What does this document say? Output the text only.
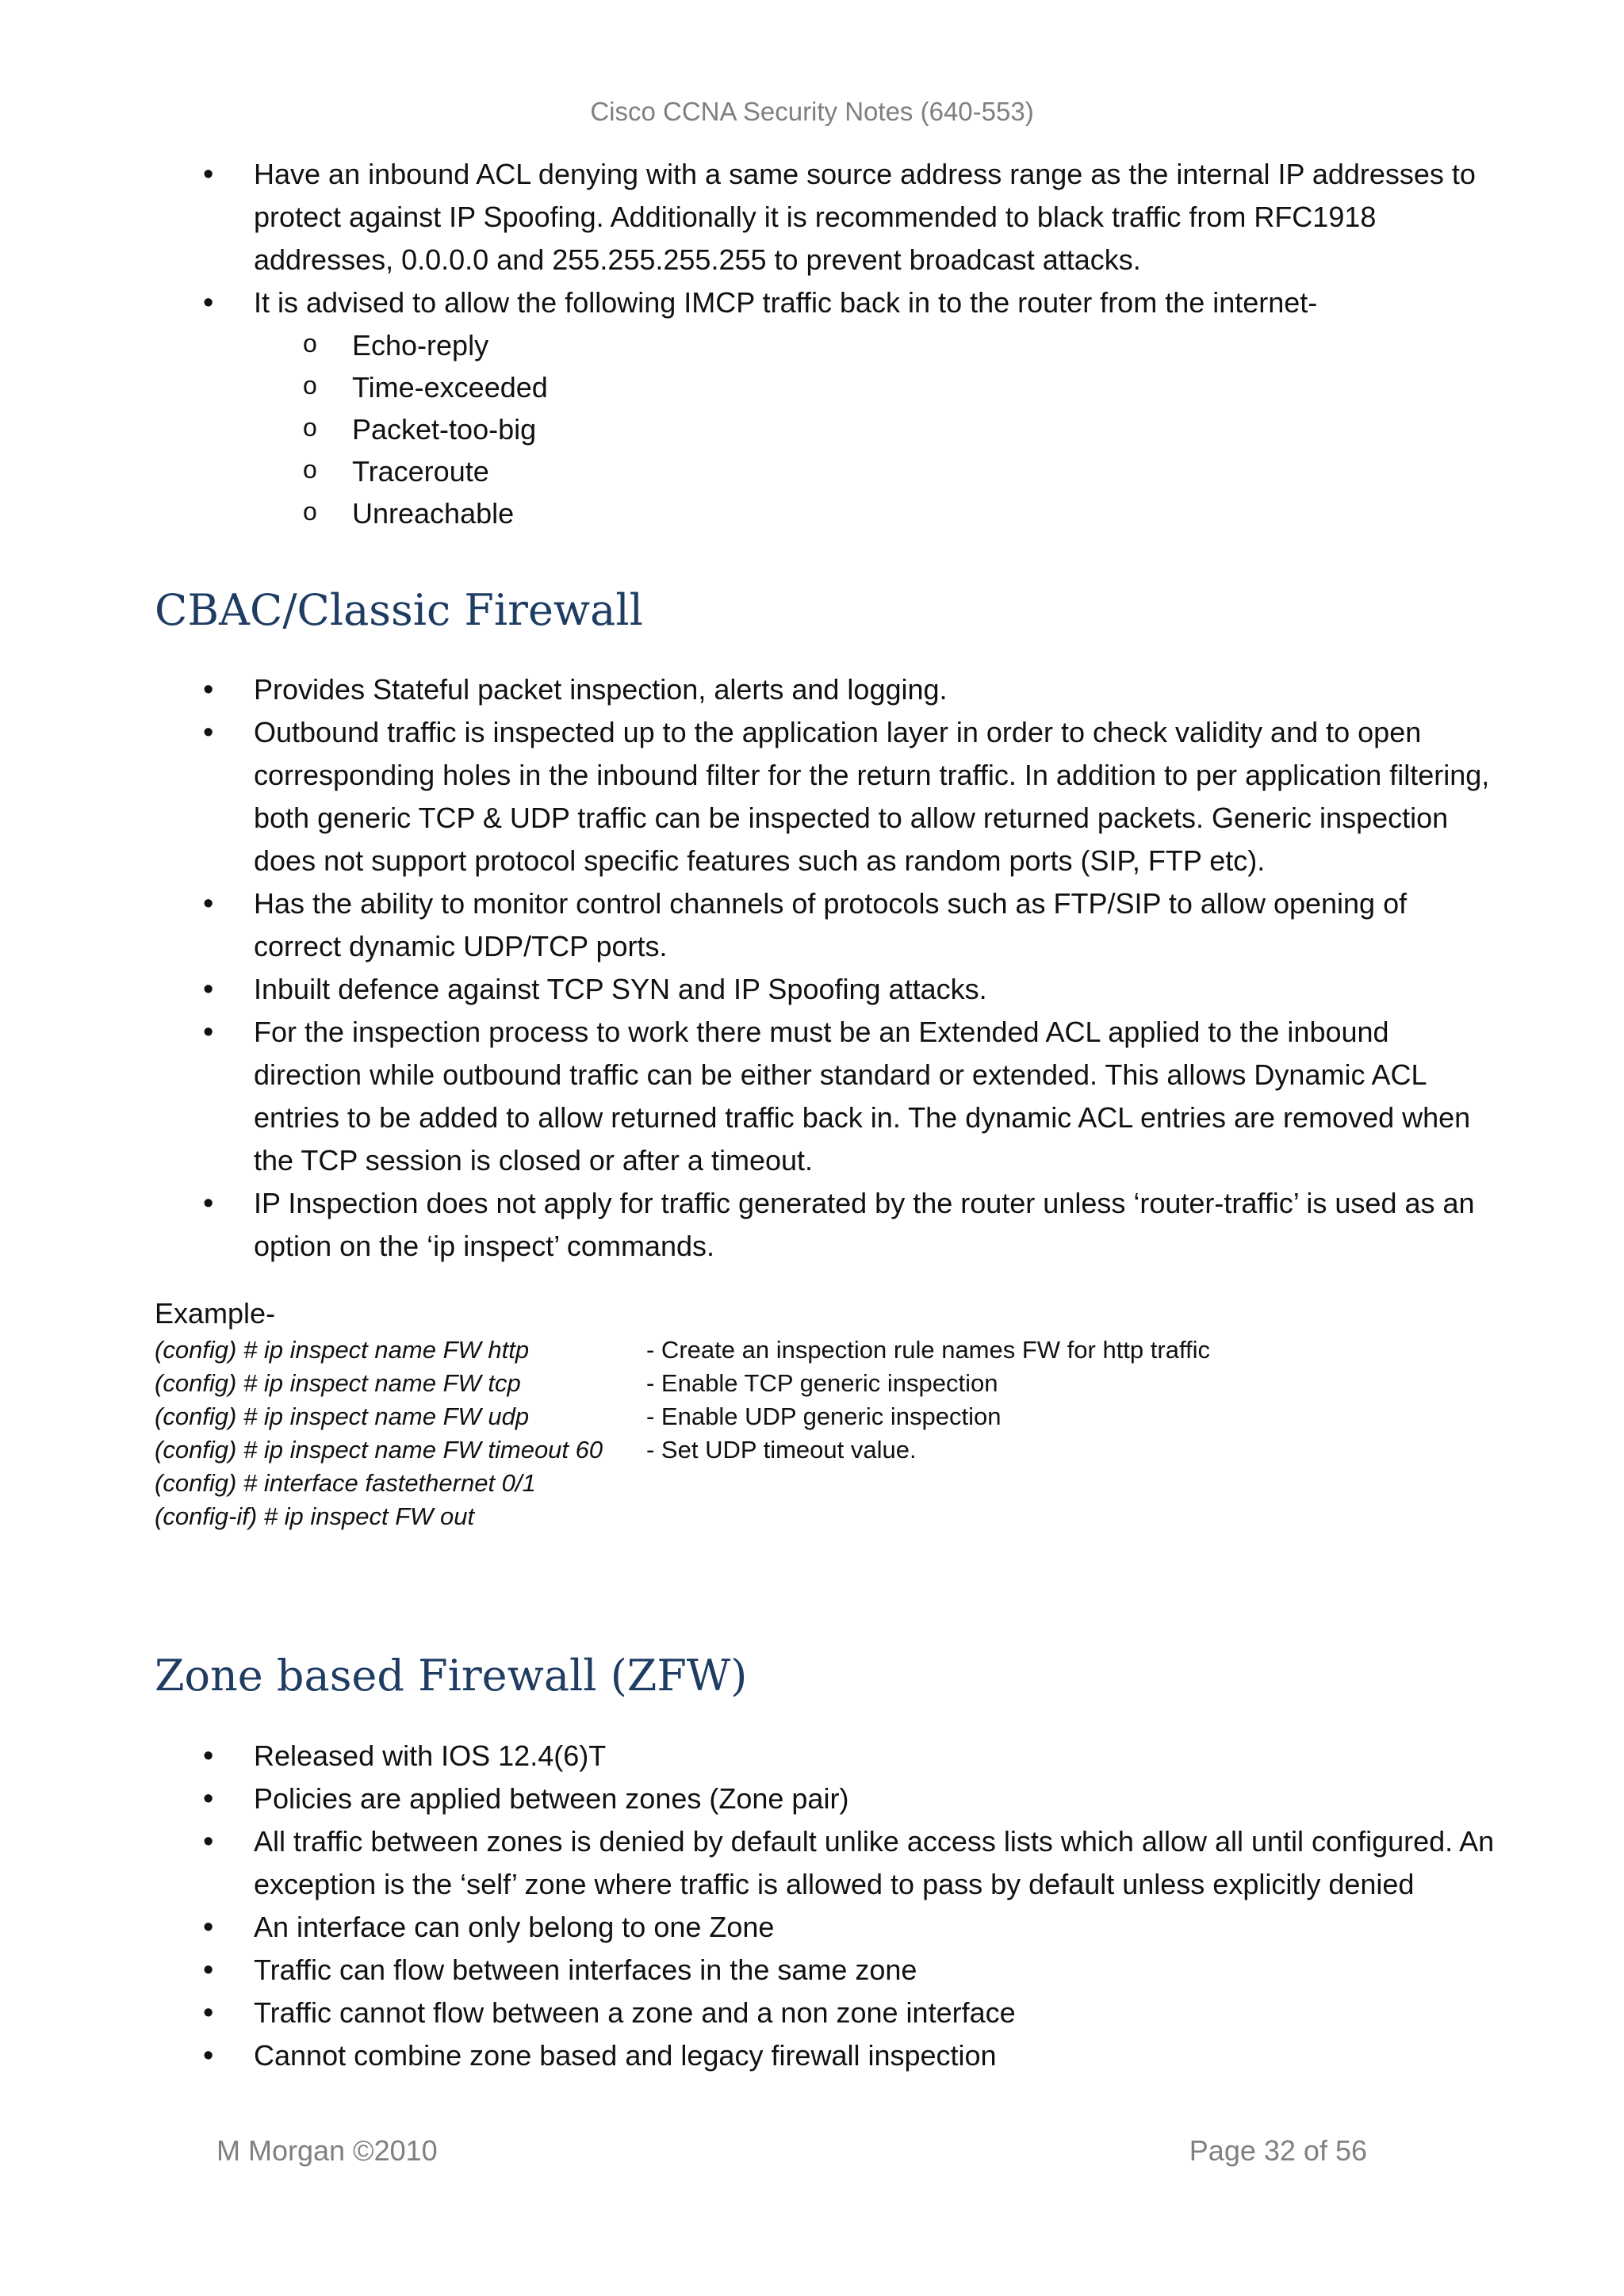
Cisco CCNA Security Notes (640-553)
• Have an inbound ACL denying with a same source address range as the internal IP addresses to protect against IP Spoofing. Additionally it is recommended to black traffic from RFC1918 addresses, 0.0.0.0 and 255.255.255.255 to prevent broadcast attacks.
• It is advised to allow the following IMCP traffic back in to the router from the internet-
o Echo-reply
o Time-exceeded
o Packet-too-big
o Traceroute
o Unreachable
CBAC/Classic Firewall
• Provides Stateful packet inspection, alerts and logging.
• Outbound traffic is inspected up to the application layer in order to check validity and to open corresponding holes in the inbound filter for the return traffic. In addition to per application filtering, both generic TCP & UDP traffic can be inspected to allow returned packets. Generic inspection does not support protocol specific features such as random ports (SIP, FTP etc).
• Has the ability to monitor control channels of protocols such as FTP/SIP to allow opening of correct dynamic UDP/TCP ports.
• Inbuilt defence against TCP SYN and IP Spoofing attacks.
• For the inspection process to work there must be an Extended ACL applied to the inbound direction while outbound traffic can be either standard or extended. This allows Dynamic ACL entries to be added to allow returned traffic back in. The dynamic ACL entries are removed when the TCP session is closed or after a timeout.
• IP Inspection does not apply for traffic generated by the router unless ‘router-traffic’ is used as an option on the ‘ip inspect’ commands.
Example-
(config) # ip inspect name FW http	- Create an inspection rule names FW for http traffic
(config) # ip inspect name FW tcp	- Enable TCP generic inspection
(config) # ip inspect name FW udp	- Enable UDP generic inspection
(config) # ip inspect name FW timeout 60	- Set UDP timeout value.
(config) # interface fastethernet 0/1
(config-if) # ip inspect FW out
Zone based Firewall (ZFW)
• Released with IOS 12.4(6)T
• Policies are applied between zones (Zone pair)
• All traffic between zones is denied by default unlike access lists which allow all until configured. An exception is the ‘self’ zone where traffic is allowed to pass by default unless explicitly denied
• An interface can only belong to one Zone
• Traffic can flow between interfaces in the same zone
• Traffic cannot flow between a zone and a non zone interface
• Cannot combine zone based and legacy firewall inspection
M Morgan ©2010	Page 32 of 56
